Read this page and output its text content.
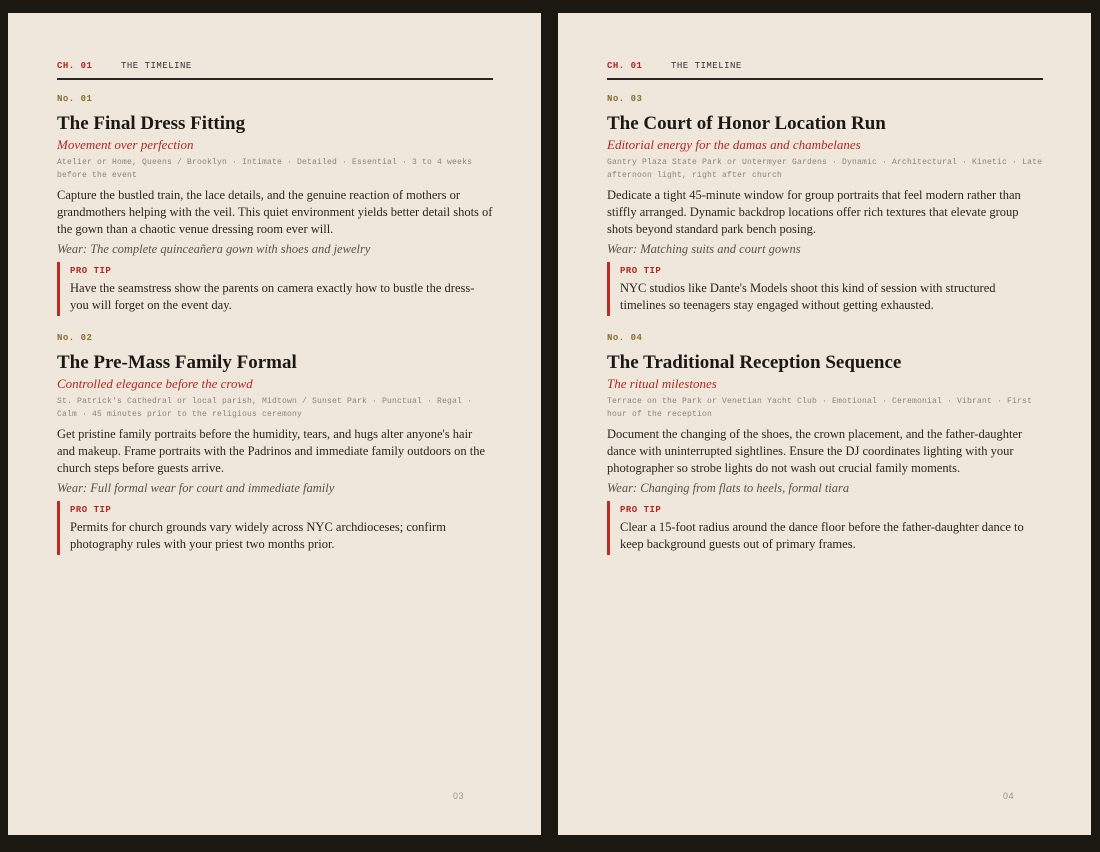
CH. 01	THE TIMELINE
No. 01
The Final Dress Fitting
Movement over perfection
Atelier or Home, Queens / Brooklyn · Intimate · Detailed · Essential · 3 to 4 weeks before the event
Capture the bustled train, the lace details, and the genuine reaction of mothers or grandmothers helping with the veil. This quiet environment yields better detail shots of the gown than a chaotic venue dressing room ever will.
Wear: The complete quinceañera gown with shoes and jewelry
PRO TIP
Have the seamstress show the parents on camera exactly how to bustle the dress-you will forget on the event day.
No. 02
The Pre-Mass Family Formal
Controlled elegance before the crowd
St. Patrick's Cathedral or local parish, Midtown / Sunset Park · Punctual · Regal · Calm · 45 minutes prior to the religious ceremony
Get pristine family portraits before the humidity, tears, and hugs alter anyone's hair and makeup. Frame portraits with the Padrinos and immediate family outdoors on the church steps before guests arrive.
Wear: Full formal wear for court and immediate family
PRO TIP
Permits for church grounds vary widely across NYC archdioceses; confirm photography rules with your priest two months prior.
03
CH. 01	THE TIMELINE
No. 03
The Court of Honor Location Run
Editorial energy for the damas and chambelanes
Gantry Plaza State Park or Untermyer Gardens · Dynamic · Architectural · Kinetic · Late afternoon light, right after church
Dedicate a tight 45-minute window for group portraits that feel modern rather than stiffly arranged. Dynamic backdrop locations offer rich textures that elevate group shots beyond standard park bench posing.
Wear: Matching suits and court gowns
PRO TIP
NYC studios like Dante's Models shoot this kind of session with structured timelines so teenagers stay engaged without getting exhausted.
No. 04
The Traditional Reception Sequence
The ritual milestones
Terrace on the Park or Venetian Yacht Club · Emotional · Ceremonial · Vibrant · First hour of the reception
Document the changing of the shoes, the crown placement, and the father-daughter dance with uninterrupted sightlines. Ensure the DJ coordinates lighting with your photographer so strobe lights do not wash out crucial family moments.
Wear: Changing from flats to heels, formal tiara
PRO TIP
Clear a 15-foot radius around the dance floor before the father-daughter dance to keep background guests out of primary frames.
04
